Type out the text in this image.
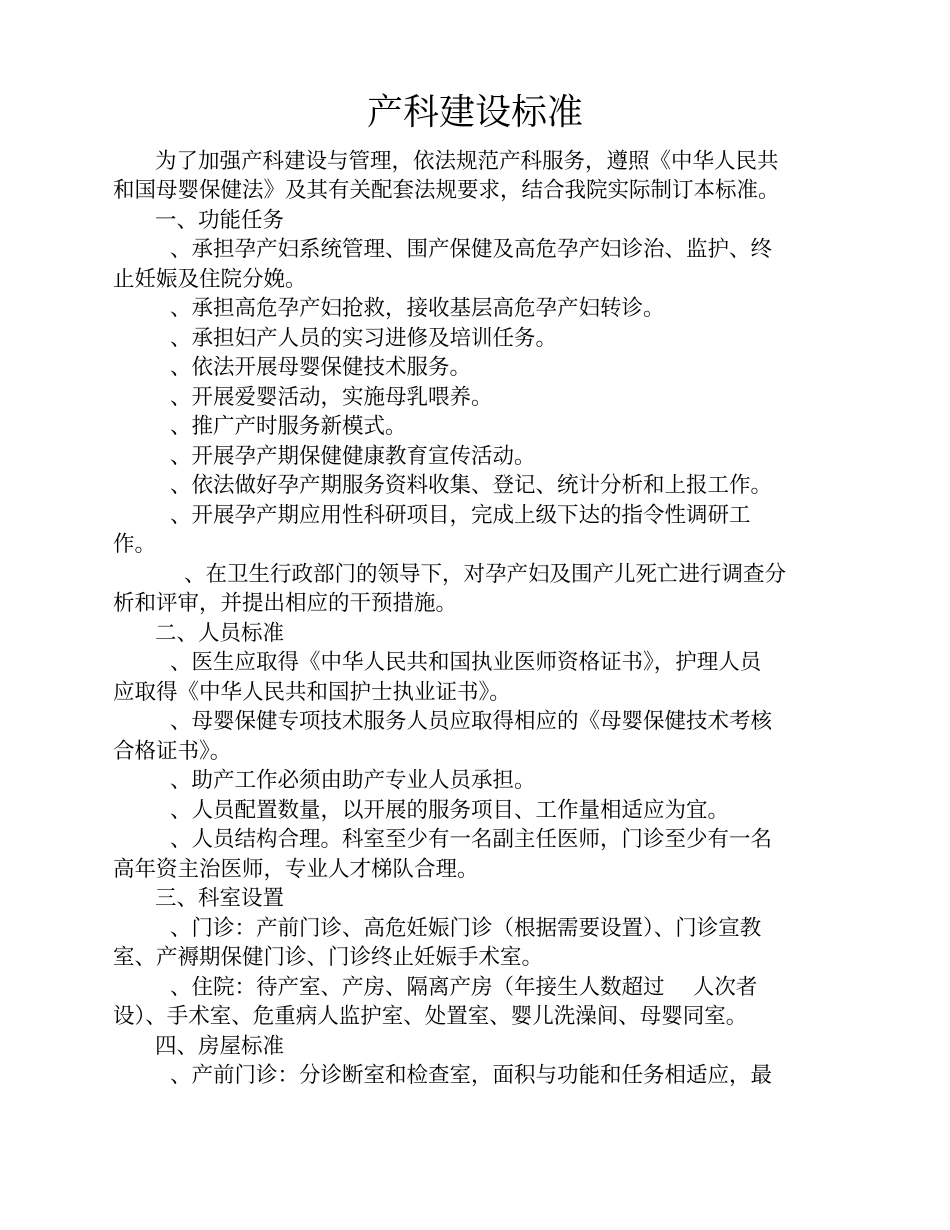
产科建设标准
为了加强产科建设与管理，依法规范产科服务，遵照《中华人民共
和国母婴保健法》及其有关配套法规要求，结合我院实际制订本标准。
一、功能任务
、承担孕产妇系统管理、围产保健及高危孕产妇诊治、监护、终
止妊娠及住院分娩。
、承担高危孕产妇抢救，接收基层高危孕产妇转诊。
、承担妇产人员的实习进修及培训任务。
、依法开展母婴保健技术服务。
、开展爱婴活动，实施母乳喂养。
、推广产时服务新模式。
、开展孕产期保健健康教育宣传活动。
、依法做好孕产期服务资料收集、登记、统计分析和上报工作。
、开展孕产期应用性科研项目，完成上级下达的指令性调研工
作。
、在卫生行政部门的领导下，对孕产妇及围产儿死亡进行调查分
析和评审，并提出相应的干预措施。
二、人员标准
、医生应取得《中华人民共和国执业医师资格证书》，护理人员
应取得《中华人民共和国护士执业证书》。
、母婴保健专项技术服务人员应取得相应的《母婴保健技术考核
合格证书》。
、助产工作必须由助产专业人员承担。
、人员配置数量，以开展的服务项目、工作量相适应为宜。
、人员结构合理。科室至少有一名副主任医师，门诊至少有一名
高年资主治医师，专业人才梯队合理。
三、科室设置
、门诊：产前门诊、高危妊娠门诊（根据需要设置）、门诊宣教
室、产褥期保健门诊、门诊终止妊娠手术室。
、住院：待产室、产房、隔离产房（年接生人数超过　 人次者
设）、手术室、危重病人监护室、处置室、婴儿洗澡间、母婴同室。
四、房屋标准
、产前门诊：分诊断室和检查室，面积与功能和任务相适应，最
